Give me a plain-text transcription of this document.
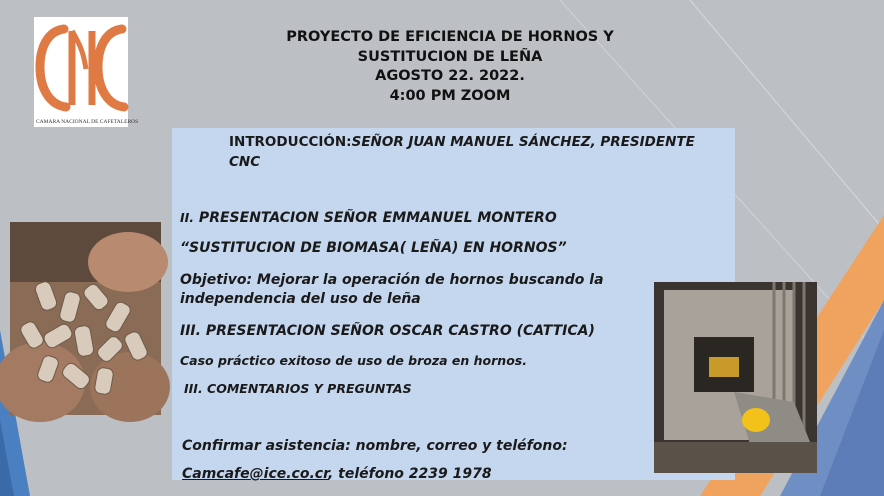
CAMARA NACIONAL DE CAFETALEROS
PROYECTO DE EFICIENCIA DE HORNOS Y
SUSTITUCION DE LEÑA
AGOSTO 22. 2022.
4:00 PM ZOOM
INTRODUCCIÓN:SEÑOR JUAN MANUEL SÁNCHEZ, PRESIDENTE CNC
II. PRESENTACION SEÑOR EMMANUEL MONTERO
“SUSTITUCION DE BIOMASA( LEÑA) EN HORNOS”
Objetivo: Mejorar la operación de hornos buscando la independencia del uso de leña
III. PRESENTACION SEÑOR OSCAR CASTRO (CATTICA)
Caso práctico exitoso de uso de broza en hornos.
III. COMENTARIOS Y PREGUNTAS
Confirmar asistencia: nombre, correo y teléfono:
Camcafe@ice.co.cr, teléfono 2239 1978
